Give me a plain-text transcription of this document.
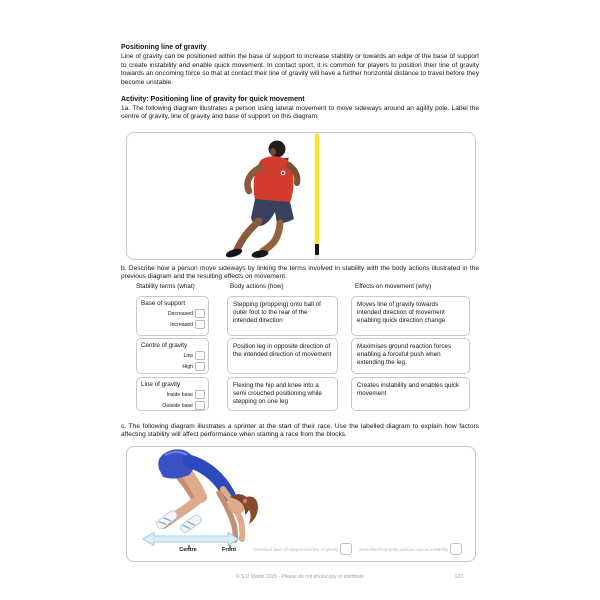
Positioning line of gravity
Line of gravity can be positioned within the base of support to increase stability or towards an edge of the base of support to create instability and enable quick movement. In contact sport, it is common for players to position their line of gravity towards an oncoming force so that at contact their line of gravity will have a further horizontal distance to travel before they become unstable.
Activity: Positioning line of gravity for quick movement
1a. The following diagram illustrates a person using lateral movement to move sideways around an agility pole. Label the centre of gravity, line of gravity and base of support on this diagram.
b. Describe how a person move sideways by linking the terms involved in stability with the body actions illustrated in the previous diagram and the resulting effects on movement.
Stability terms (what)	Body actions (how)	Effects on movement (why)
Base of support
Decreased
Increased
Centre of gravity
Low
High
Line of gravity
Inside base
Outside base
Stepping (propping) onto ball of outer foot to the rear of the intended direction
Position leg in opposite direction of the intended direction of movement
Flexing the hip and knee into a semi crouched positioning while stepping on one leg
Moves line of gravity towards intended direction of movement enabling quick direction change
Maximises ground reaction forces enabling a forceful push when extending the leg.
Creates instability and enables quick movement
c. The following diagram illustrates a sprinter at the start of their race. Use the labelled diagram to explain how factors affecting stability will affect performance when starting a race from the blocks.
Centre	Front	Described base of support and line of gravity	Described how body position causes instability
© S D Martin 2026 - Please do not photocopy or distribute	120
